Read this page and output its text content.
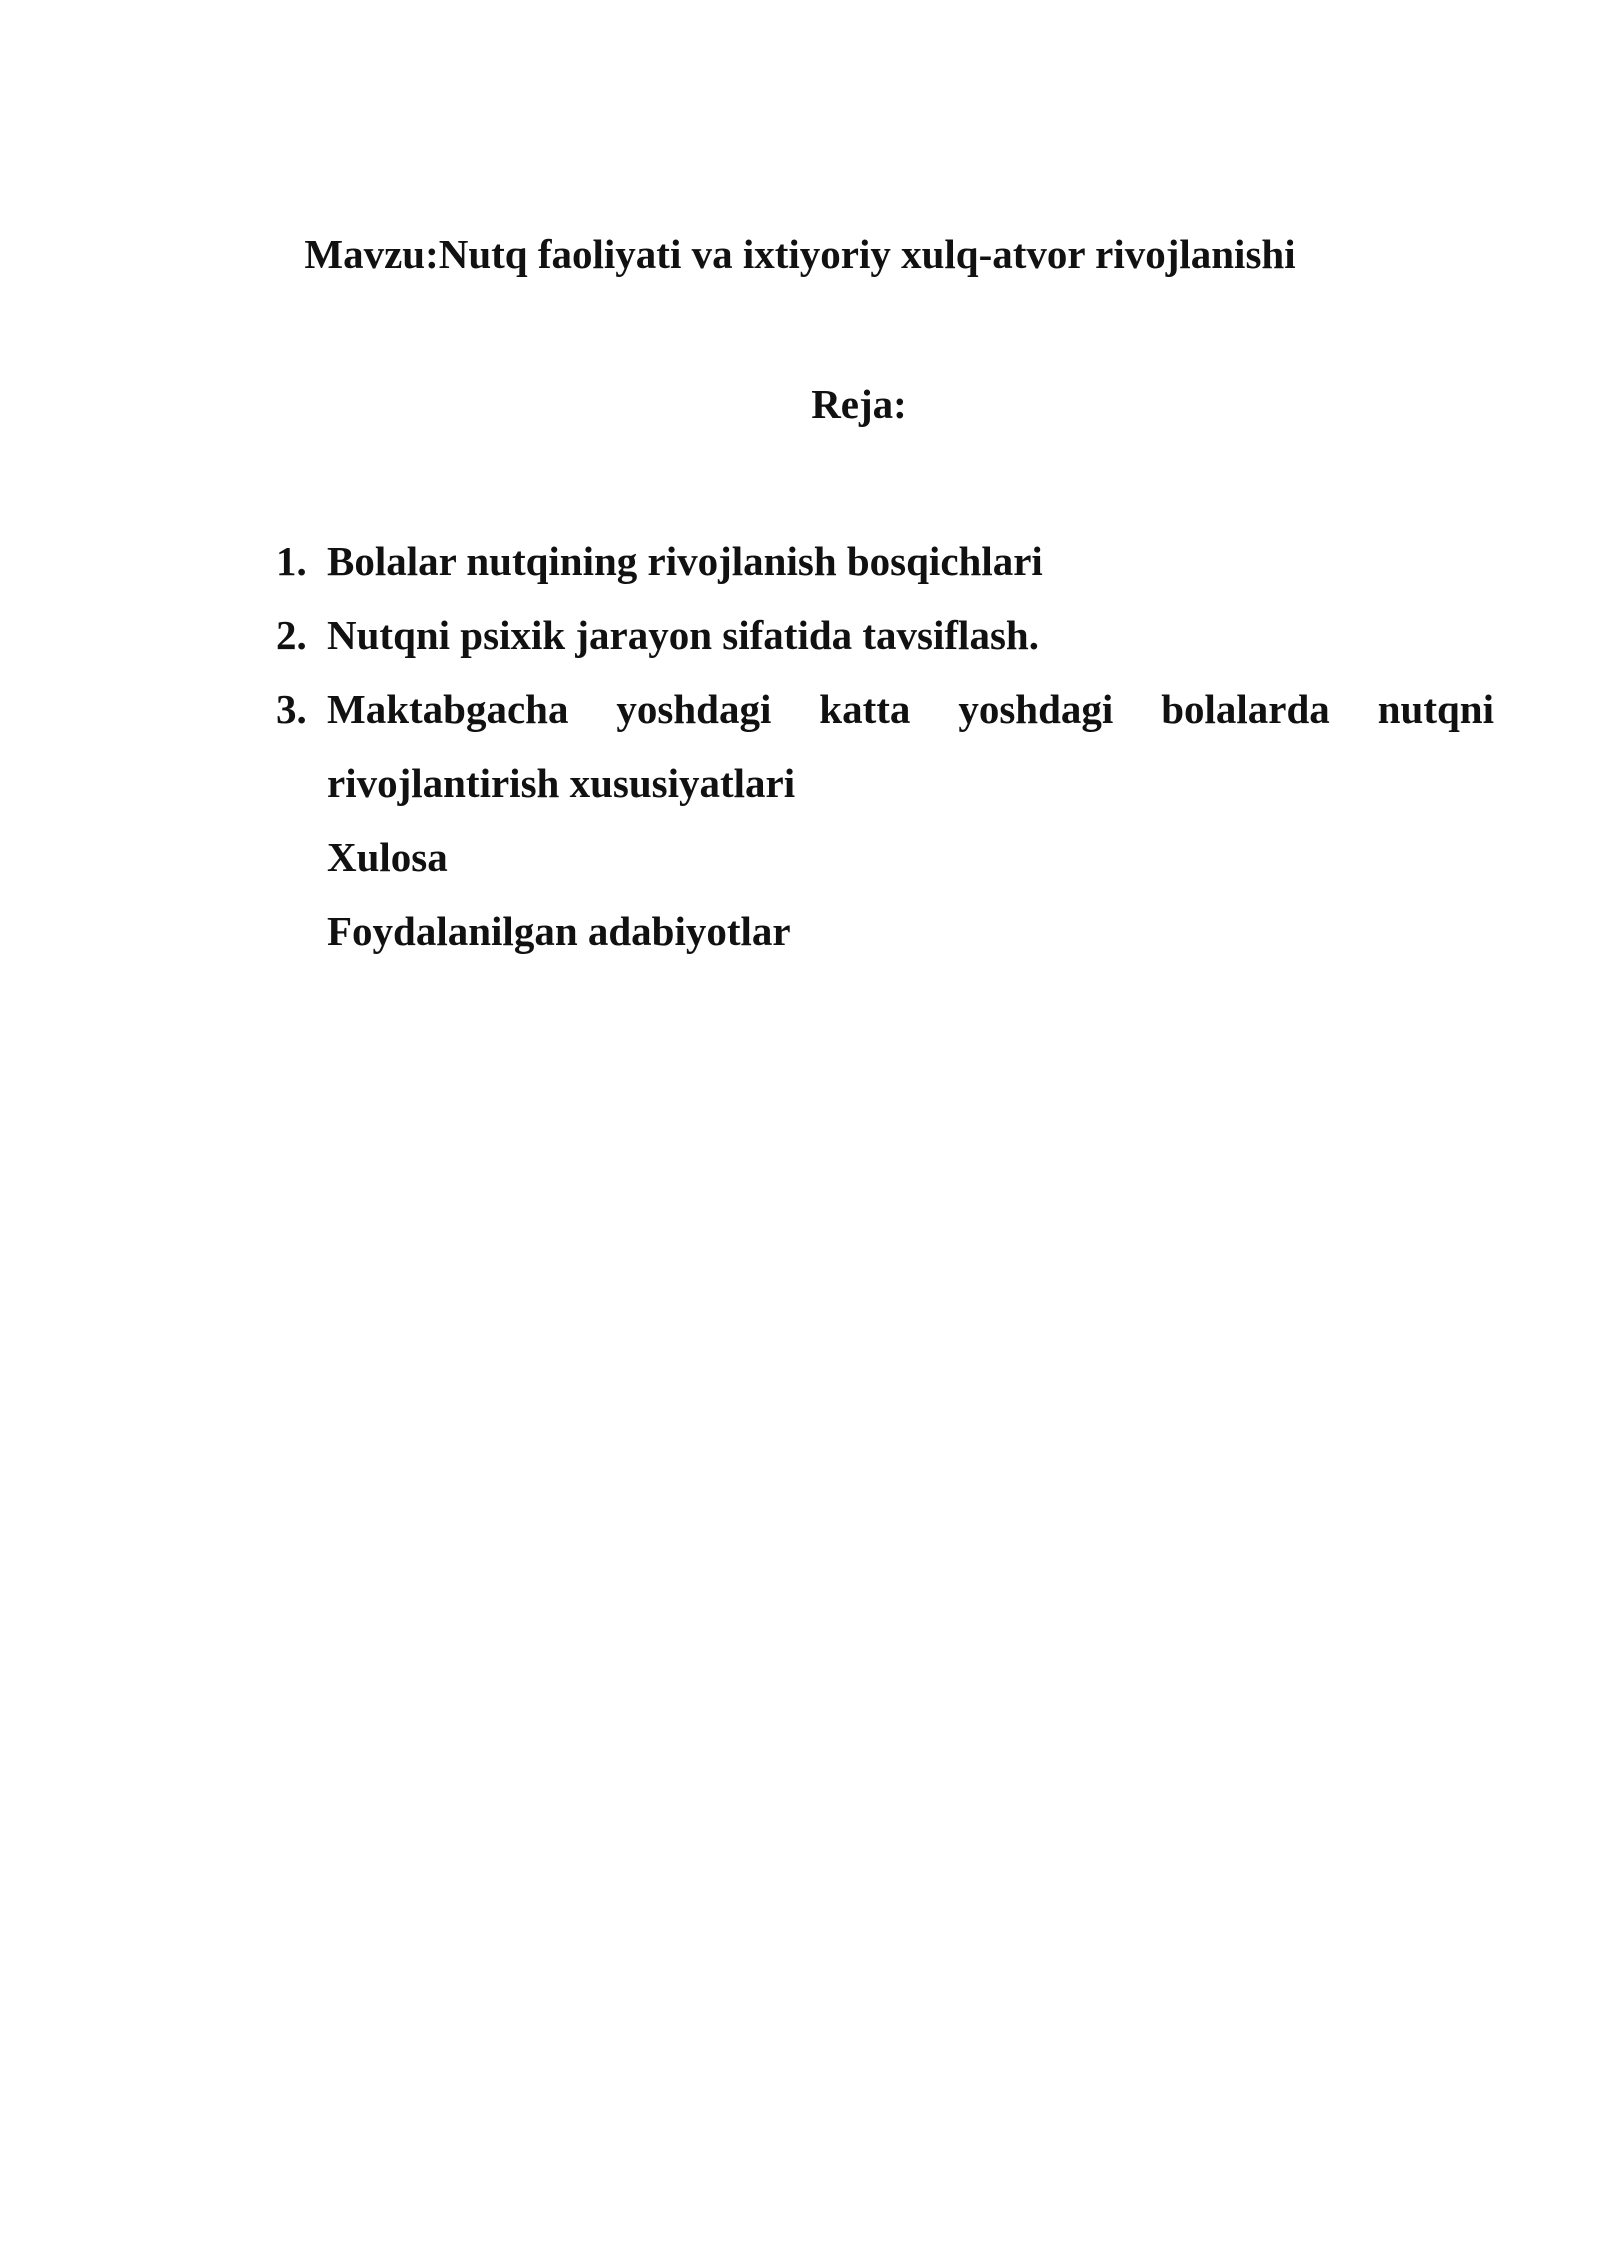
Mavzu:Nutq faoliyati va ixtiyoriy xulq-atvor rivojlanishi
Reja:
1. Bolalar nutqining rivojlanish bosqichlari
2. Nutqni psixik jarayon sifatida tavsiflash.
3. Maktabgacha yoshdagi katta yoshdagi bolalarda nutqni
rivojlantirish xususiyatlari
Xulosa
Foydalanilgan adabiyotlar
